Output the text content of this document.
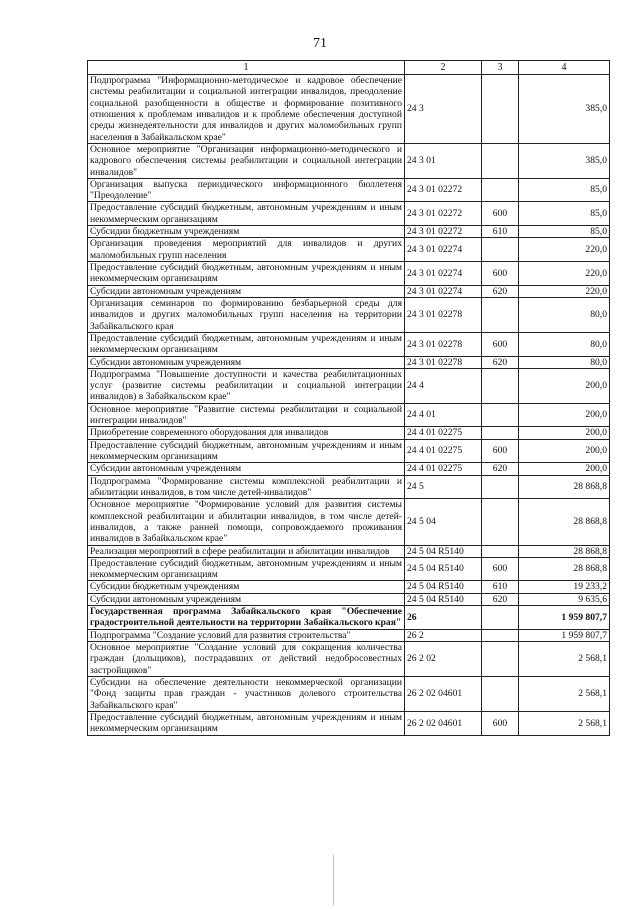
71
1	2	3	4
Подпрограмма "Информационно-методическое и кадровое обеспечение системы реабилитации и социальной интеграции инвалидов, преодоление социальной разобщенности в обществе и формирование позитивного отношения к проблемам инвалидов и к проблеме обеспечения доступной среды жизнедеятельности для инвалидов и других маломобильных групп населения в Забайкальском крае"	24 3		385,0
Основное мероприятие "Организация информационно-методического и кадрового обеспечения системы реабилитации и социальной интеграции инвалидов"	24 3 01		385,0
Организация выпуска периодического информационного бюллетеня "Преодоление"	24 3 01 02272		85,0
Предоставление субсидий бюджетным, автономным учреждениям и иным некоммерческим организациям	24 3 01 02272	600	85,0
Субсидии бюджетным учреждениям	24 3 01 02272	610	85,0
Организация проведения мероприятий для инвалидов и других маломобильных групп населения	24 3 01 02274		220,0
Предоставление субсидий бюджетным, автономным учреждениям и иным некоммерческим организациям	24 3 01 02274	600	220,0
Субсидии автономным учреждениям	24 3 01 02274	620	220,0
Организация семинаров по формированию безбарьерной среды для инвалидов и других маломобильных групп населения на территории Забайкальского края	24 3 01 02278		80,0
Предоставление субсидий бюджетным, автономным учреждениям и иным некоммерческим организациям	24 3 01 02278	600	80,0
Субсидии автономным учреждениям	24 3 01 02278	620	80,0
Подпрограмма "Повышение доступности и качества реабилитационных услуг (развитие системы реабилитации и социальной интеграции инвалидов) в Забайкальском крае"	24 4		200,0
Основное мероприятие "Развитие системы реабилитации и социальной интеграции инвалидов"	24 4 01		200,0
Приобретение современного оборудования для инвалидов	24 4 01 02275		200,0
Предоставление субсидий бюджетным, автономным учреждениям и иным некоммерческим организациям	24 4 01 02275	600	200,0
Субсидии автономным учреждениям	24 4 01 02275	620	200,0
Подпрограмма "Формирование системы комплексной реабилитации и абилитации инвалидов, в том числе детей-инвалидов"	24 5		28 868,8
Основное мероприятие "Формирование условий для развития системы комплексной реабилитации и абилитации инвалидов, в том числе детей-инвалидов, а также ранней помощи, сопровождаемого проживания инвалидов в Забайкальском крае"	24 5 04		28 868,8
Реализация мероприятий в сфере реабилитации и абилитации инвалидов	24 5 04 R5140		28 868,8
Предоставление субсидий бюджетным, автономным учреждениям и иным некоммерческим организациям	24 5 04 R5140	600	28 868,8
Субсидии бюджетным учреждениям	24 5 04 R5140	610	19 233,2
Субсидии автономным учреждениям	24 5 04 R5140	620	9 635,6
Государственная программа Забайкальского края "Обеспечение градостроительной деятельности на территории Забайкальского края"	26		1 959 807,7
Подпрограмма "Создание условий для развития строительства"	26 2		1 959 807,7
Основное мероприятие "Создание условий для сокращения количества граждан (дольщиков), пострадавших от действий недобросовестных застройщиков"	26 2 02		2 568,1
Субсидии на обеспечение деятельности некоммерческой организации "Фонд защиты прав граждан - участников долевого строительства Забайкальского края"	26 2 02 04601		2 568,1
Предоставление субсидий бюджетным, автономным учреждениям и иным некоммерческим организациям	26 2 02 04601	600	2 568,1
